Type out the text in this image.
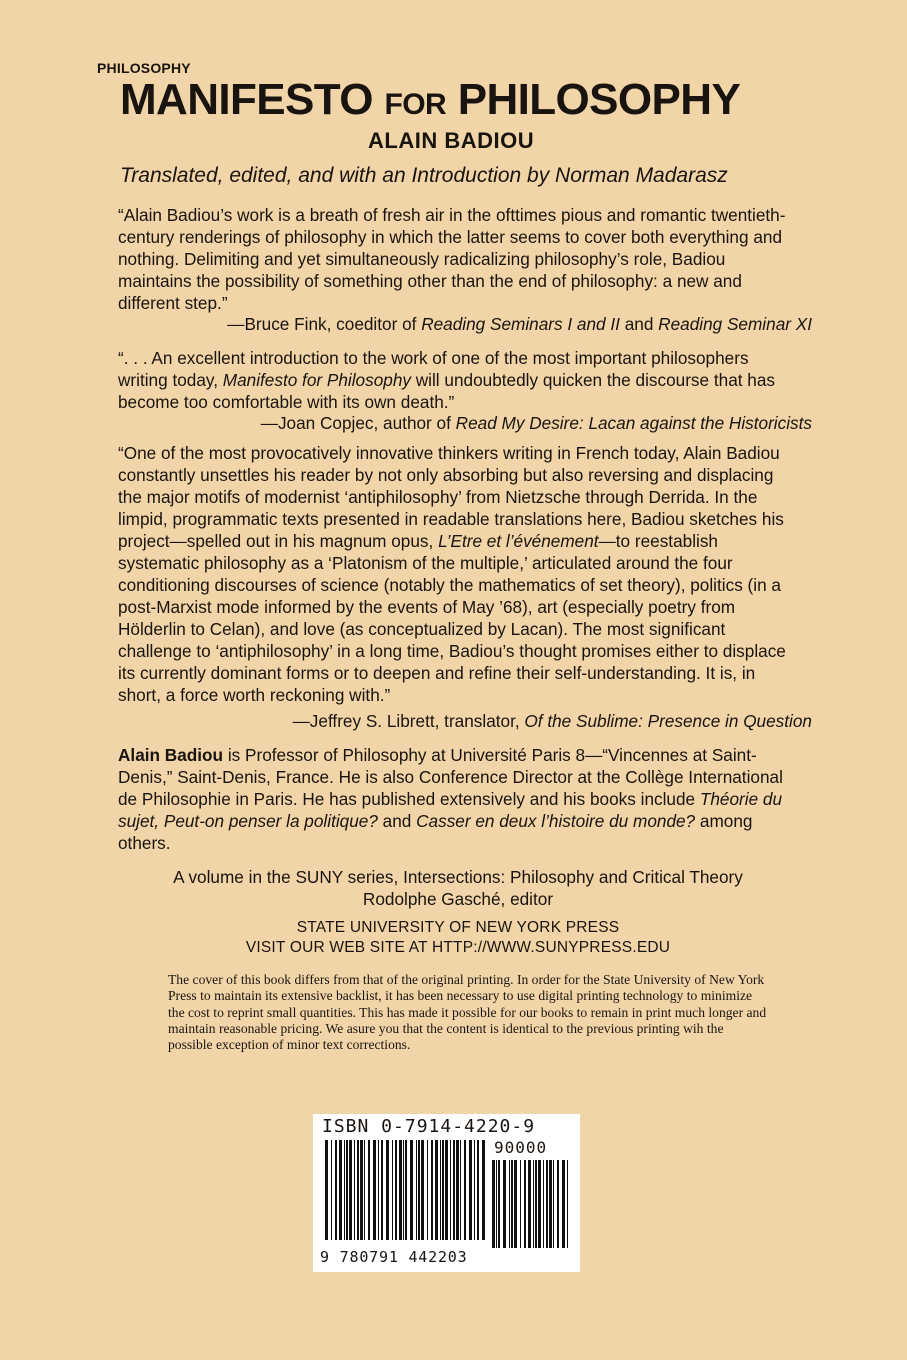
PHILOSOPHY
MANIFESTO FOR PHILOSOPHY
ALAIN BADIOU
Translated, edited, and with an Introduction by Norman Madarasz
“Alain Badiou’s work is a breath of fresh air in the ofttimes pious and romantic twentieth-century renderings of philosophy in which the latter seems to cover both everything and nothing. Delimiting and yet simultaneously radicalizing philosophy’s role, Badiou maintains the possibility of something other than the end of philosophy: a new and different step.”
—Bruce Fink, coeditor of Reading Seminars I and II and Reading Seminar XI
“. . . An excellent introduction to the work of one of the most important philosophers writing today, Manifesto for Philosophy will undoubtedly quicken the discourse that has become too comfortable with its own death.”
—Joan Copjec, author of Read My Desire: Lacan against the Historicists
“One of the most provocatively innovative thinkers writing in French today, Alain Badiou constantly unsettles his reader by not only absorbing but also reversing and displacing the major motifs of modernist ‘antiphilosophy’ from Nietzsche through Derrida. In the limpid, programmatic texts presented in readable translations here, Badiou sketches his project—spelled out in his magnum opus, L’Etre et l’événement—to reestablish systematic philosophy as a ‘Platonism of the multiple,’ articulated around the four conditioning discourses of science (notably the mathematics of set theory), politics (in a post-Marxist mode informed by the events of May ’68), art (especially poetry from Hölderlin to Celan), and love (as conceptualized by Lacan). The most significant challenge to ‘antiphilosophy’ in a long time, Badiou’s thought promises either to displace its currently dominant forms or to deepen and refine their self-understanding. It is, in short, a force worth reckoning with.”
—Jeffrey S. Librett, translator, Of the Sublime: Presence in Question
Alain Badiou is Professor of Philosophy at Université Paris 8—“Vincennes at Saint-Denis,” Saint-Denis, France. He is also Conference Director at the Collège International de Philosophie in Paris. He has published extensively and his books include Théorie du sujet, Peut-on penser la politique? and Casser en deux l’histoire du monde? among others.
A volume in the SUNY series, Intersections: Philosophy and Critical Theory
Rodolphe Gasché, editor
STATE UNIVERSITY OF NEW YORK PRESS
VISIT OUR WEB SITE AT HTTP://WWW.SUNYPRESS.EDU
The cover of this book differs from that of the original printing. In order for the State University of New York Press to maintain its extensive backlist, it has been necessary to use digital printing technology to minimize the cost to reprint small quantities. This has made it possible for our books to remain in print much longer and maintain reasonable pricing. We asure you that the content is identical to the previous printing wih the possible exception of minor text corrections.
ISBN 0-7914-4220-9
90000
9 780791 442203
